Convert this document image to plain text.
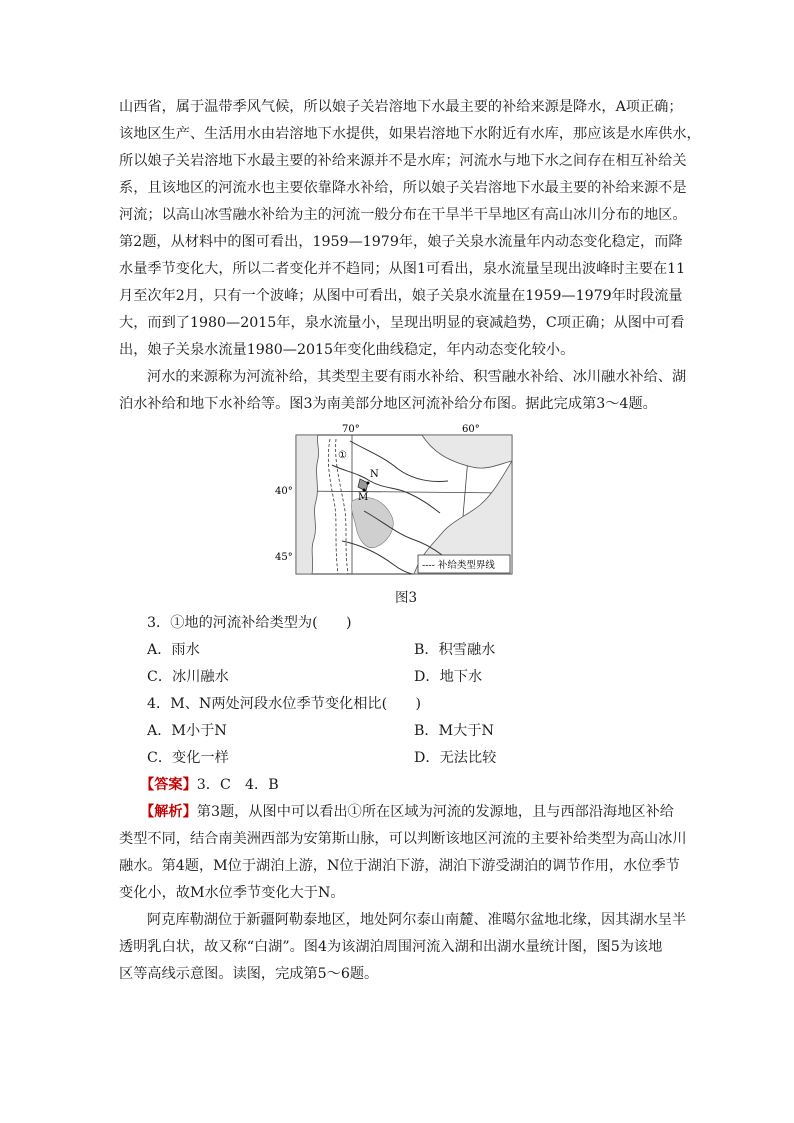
山西省，属于温带季风气候，所以娘子关岩溶地下水最主要的补给来源是降水，A项正确；
该地区生产、生活用水由岩溶地下水提供，如果岩溶地下水附近有水库，那应该是水库供水，
所以娘子关岩溶地下水最主要的补给来源并不是水库；河流水与地下水之间存在相互补给关
系，且该地区的河流水也主要依靠降水补给，所以娘子关岩溶地下水最主要的补给来源不是
河流；以高山冰雪融水补给为主的河流一般分布在干旱半干旱地区有高山冰川分布的地区。
第2题，从材料中的图可看出，1959—1979年，娘子关泉水流量年内动态变化稳定，而降
水量季节变化大，所以二者变化并不趋同；从图1可看出，泉水流量呈现出波峰时主要在11
月至次年2月，只有一个波峰；从图中可看出，娘子关泉水流量在1959—1979年时段流量
大，而到了1980—2015年，泉水流量小，呈现出明显的衰减趋势，C项正确；从图中可看
出，娘子关泉水流量1980—2015年变化曲线稳定，年内动态变化较小。
河水的来源称为河流补给，其类型主要有雨水补给、积雪融水补给、冰川融水补给、湖
泊水补给和地下水补给等。图3为南美部分地区河流补给分布图。据此完成第3～4题。
70°	60°
40°
45°
①
N
M
---- 补给类型界线
图3
3．①地的河流补给类型为(　　)
A．雨水	B．积雪融水
C．冰川融水	D．地下水
4．M、N两处河段水位季节变化相比(　　)
A．M小于N	B．M大于N
C．变化一样	D．无法比较
【答案】3．C　4．B
【解析】第3题，从图中可以看出①所在区域为河流的发源地，且与西部沿海地区补给
类型不同，结合南美洲西部为安第斯山脉，可以判断该地区河流的主要补给类型为高山冰川
融水。第4题，M位于湖泊上游，N位于湖泊下游，湖泊下游受湖泊的调节作用，水位季节
变化小，故M水位季节变化大于N。
阿克库勒湖位于新疆阿勒泰地区，地处阿尔泰山南麓、准噶尔盆地北缘，因其湖水呈半
透明乳白状，故又称“白湖”。图4为该湖泊周围河流入湖和出湖水量统计图，图5为该地
区等高线示意图。读图，完成第5～6题。
